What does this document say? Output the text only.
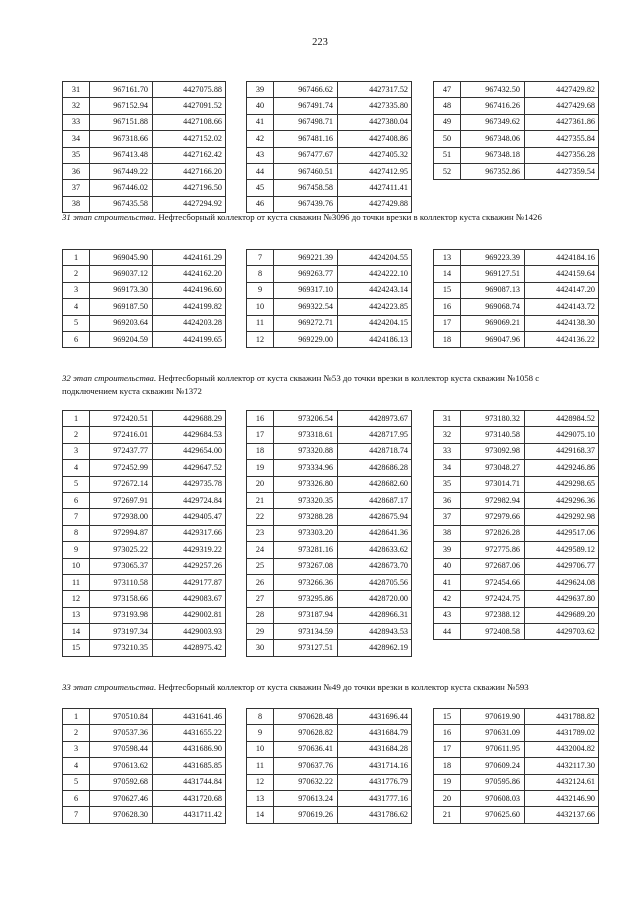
223
31	967161.70	4427075.88
32	967152.94	4427091.52
33	967151.88	4427108.66
34	967318.66	4427152.02
35	967413.48	4427162.42
36	967449.22	4427166.20
37	967446.02	4427196.50
38	967435.58	4427294.92
39	967466.62	4427317.52
40	967491.74	4427335.80
41	967498.71	4427380.04
42	967481.16	4427408.86
43	967477.67	4427405.32
44	967460.51	4427412.95
45	967458.58	4427411.41
46	967439.76	4427429.88
47	967432.50	4427429.82
48	967416.26	4427429.68
49	967349.62	4427361.86
50	967348.06	4427355.84
51	967348.18	4427356.28
52	967352.86	4427359.54
31 этап строительства. Нефтесборный коллектор от куста скважин №3096 до точки врезки в коллектор куста скважин №1426
1	969045.90	4424161.29
2	969037.12	4424162.20
3	969173.30	4424196.60
4	969187.50	4424199.82
5	969203.64	4424203.28
6	969204.59	4424199.65
7	969221.39	4424204.55
8	969263.77	4424222.10
9	969317.10	4424243.14
10	969322.54	4424223.85
11	969272.71	4424204.15
12	969229.00	4424186.13
13	969223.39	4424184.16
14	969127.51	4424159.64
15	969087.13	4424147.20
16	969068.74	4424143.72
17	969069.21	4424138.30
18	969047.96	4424136.22
32 этап строительства. Нефтесборный коллектор от куста скважин №53 до точки врезки в коллектор куста скважин №1058 с подключением куста скважин №1372
1	972420.51	4429688.29
2	972416.01	4429684.53
3	972437.77	4429654.00
4	972452.99	4429647.52
5	972672.14	4429735.78
6	972697.91	4429724.84
7	972938.00	4429405.47
8	972994.87	4429317.66
9	973025.22	4429319.22
10	973065.37	4429257.26
11	973110.58	4429177.87
12	973158.66	4429083.67
13	973193.98	4429002.81
14	973197.34	4429003.93
15	973210.35	4428975.42
16	973206.54	4428973.67
17	973318.61	4428717.95
18	973320.88	4428718.74
19	973334.96	4428686.28
20	973326.80	4428682.60
21	973320.35	4428687.17
22	973288.28	4428675.94
23	973303.20	4428641.36
24	973281.16	4428633.62
25	973267.08	4428673.70
26	973266.36	4428705.56
27	973295.86	4428720.00
28	973187.94	4428966.31
29	973134.59	4428943.53
30	973127.51	4428962.19
31	973180.32	4428984.52
32	973140.58	4429075.10
33	973092.98	4429168.37
34	973048.27	4429246.86
35	973014.71	4429298.65
36	972982.94	4429296.36
37	972979.66	4429292.98
38	972826.28	4429517.06
39	972775.86	4429589.12
40	972687.06	4429706.77
41	972454.66	4429624.08
42	972424.75	4429637.80
43	972388.12	4429689.20
44	972408.58	4429703.62
33 этап строительства. Нефтесборный коллектор от куста скважин №49 до точки врезки в коллектор куста скважин №593
1	970510.84	4431641.46
2	970537.36	4431655.22
3	970598.44	4431686.90
4	970613.62	4431685.85
5	970592.68	4431744.84
6	970627.46	4431720.68
7	970628.30	4431711.42
8	970628.48	4431696.44
9	970628.82	4431684.79
10	970636.41	4431684.28
11	970637.76	4431714.16
12	970632.22	4431776.79
13	970613.24	4431777.16
14	970619.26	4431786.62
15	970619.90	4431788.82
16	970631.09	4431789.02
17	970611.95	4432004.82
18	970609.24	4432117.30
19	970595.86	4432124.61
20	970608.03	4432146.90
21	970625.60	4432137.66
